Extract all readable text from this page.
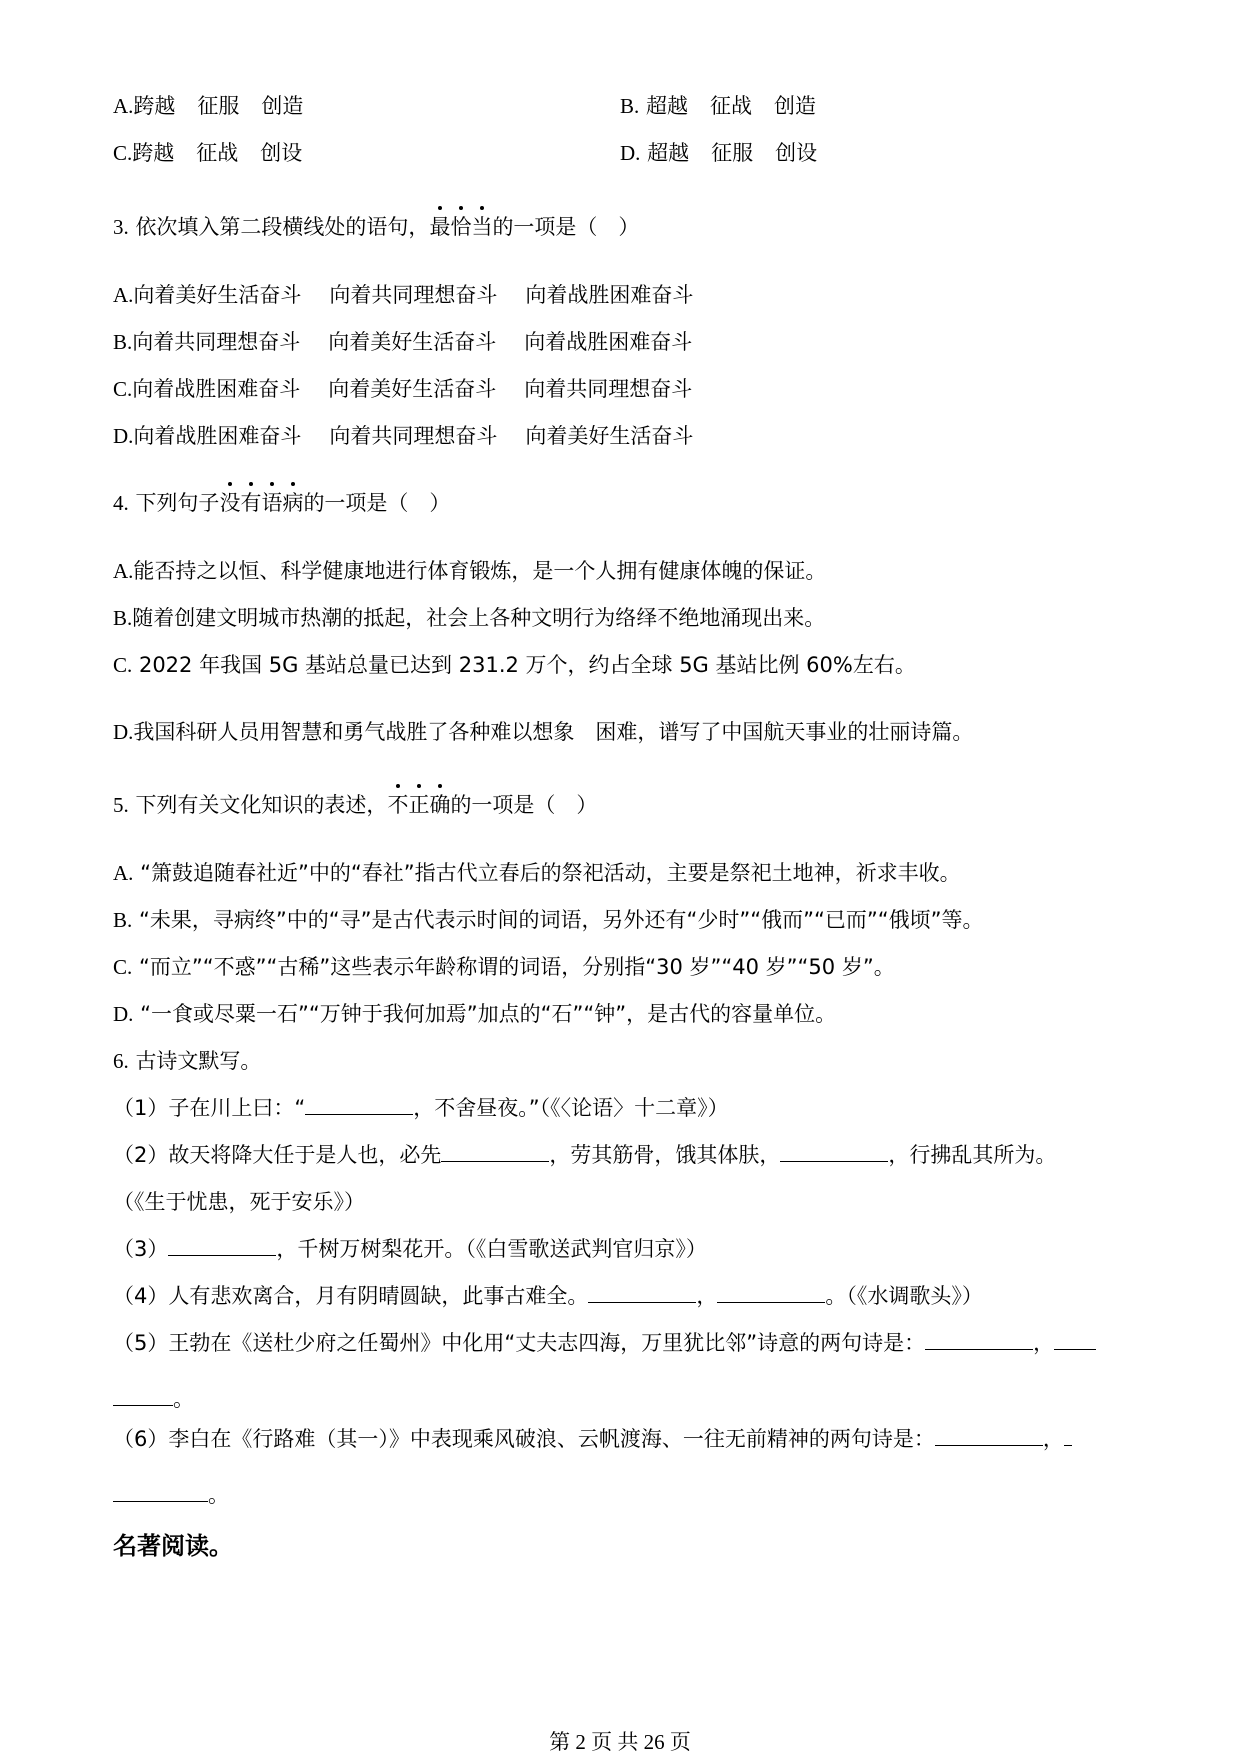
A.跨越 征服 创造	B. 超越 征战 创造
C.跨越 征战 创设	D. 超越 征服 创设
3. 依次填入第二段横线处的语句，最恰当的一项是（　）
A.向着美好生活奋斗 向着共同理想奋斗 向着战胜困难奋斗
B.向着共同理想奋斗 向着美好生活奋斗 向着战胜困难奋斗
C.向着战胜困难奋斗 向着美好生活奋斗 向着共同理想奋斗
D.向着战胜困难奋斗 向着共同理想奋斗 向着美好生活奋斗
4. 下列句子没有语病的一项是（　）
A.能否持之以恒、科学健康地进行体育锻炼，是一个人拥有健康体魄的保证。
B.随着创建文明城市热潮的抵起，社会上各种文明行为络绎不绝地涌现出来。
C. 2022 年我国 5G 基站总量已达到 231.2 万个，约占全球 5G 基站比例 60%左右。
D.我国科研人员用智慧和勇气战胜了各种难以想象　困难，谱写了中国航天事业的壮丽诗篇。
5. 下列有关文化知识的表述，不正确的一项是（　）
A. “箫鼓追随春社近”中的“春社”指古代立春后的祭祀活动，主要是祭祀土地神，祈求丰收。
B. “未果，寻病终”中的“寻”是古代表示时间的词语，另外还有“少时”“俄而”“已而”“俄顷”等。
C. “而立”“不惑”“古稀”这些表示年龄称谓的词语，分别指“30 岁”“40 岁”“50 岁”。
D. “一食或尽粟一石”“万钟于我何加焉”加点的“石”“钟”，是古代的容量单位。
6. 古诗文默写。
（1）子在川上曰：“	，不舍昼夜。”（《〈论语〉十二章》）
（2）故天将降大任于是人也，必先	，劳其筋骨，饿其体肤，	，行拂乱其所为。
（《生于忧患，死于安乐》）
（3）	，千树万树梨花开。（《白雪歌送武判官归京》）
（4）人有悲欢离合，月有阴晴圆缺，此事古难全。	，	。（《水调歌头》）
（5）王勃在《送杜少府之任蜀州》中化用“丈夫志四海，万里犹比邻”诗意的两句诗是：	，
。
（6）李白在《行路难（其一）》中表现乘风破浪、云帆渡海、一往无前精神的两句诗是：	，
。
名著阅读。
第 2 页 共 26 页
